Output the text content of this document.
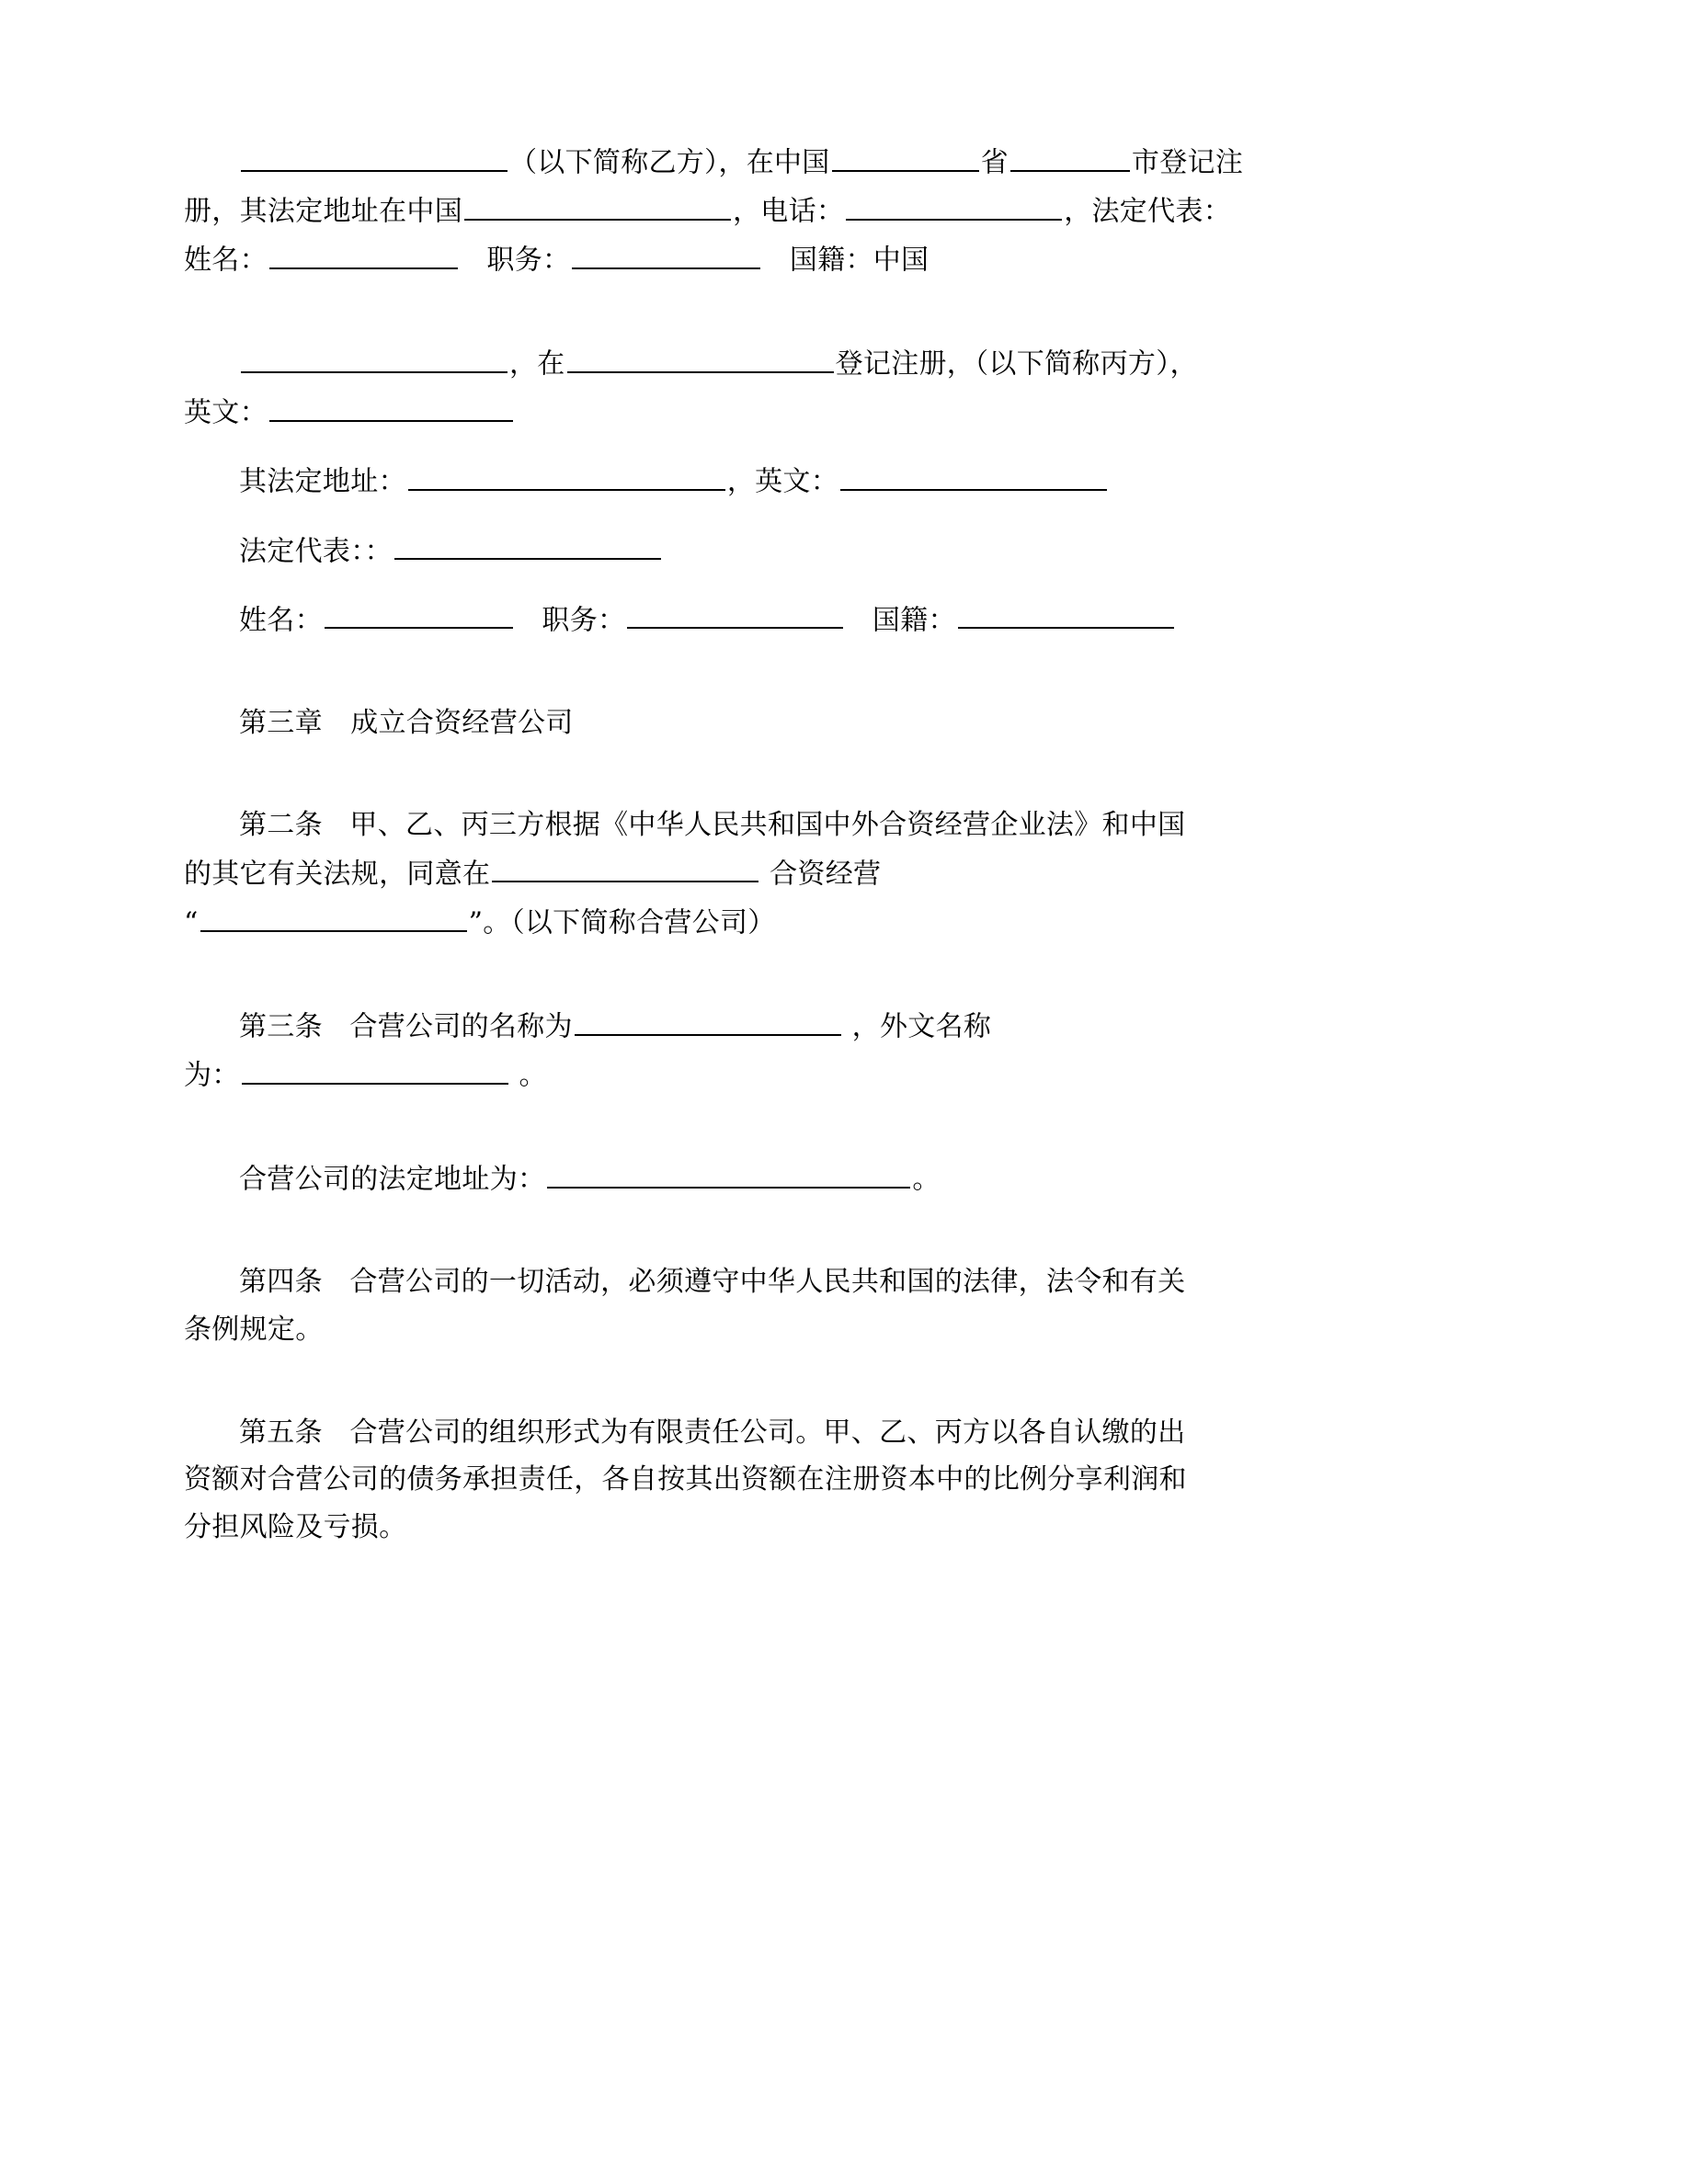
（以下简称乙方），在中国	省	市登记注
册，其法定地址在中国	，电话：	，法定代表：
姓名：	职务：	国籍：中国
，在	登记注册，（以下简称丙方），
英文：
其法定地址：	，英文：
法定代表：：
姓名：	职务：	国籍：
第三章　成立合资经营公司
第二条 甲、乙、丙三方根据《中华人民共和国中外合资经营企业法》和中国
的其它有关法规，同意在	合资经营
“	”。（以下简称合营公司）
第三条 合营公司的名称为	，外文名称
为：	。
合营公司的法定地址为：	。
第四条 合营公司的一切活动，必须遵守中华人民共和国的法律，法令和有关
条例规定。
第五条 合营公司的组织形式为有限责任公司。甲、乙、丙方以各自认缴的出
资额对合营公司的债务承担责任，各自按其出资额在注册资本中的比例分享利润和
分担风险及亏损。
